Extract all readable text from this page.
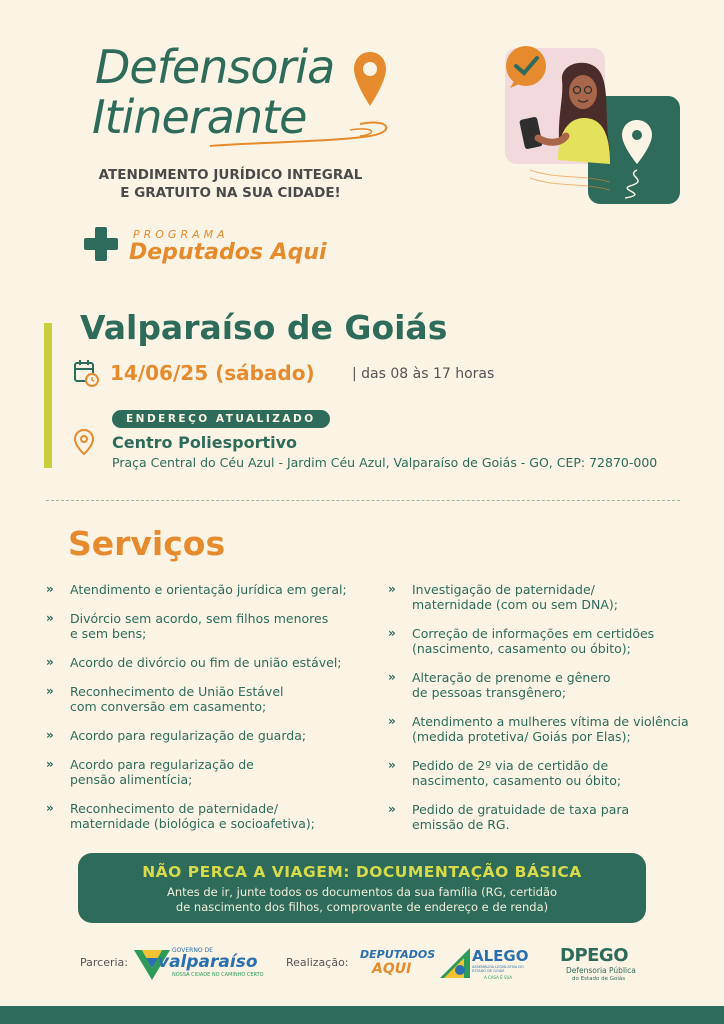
Defensoria
Itinerante
ATENDIMENTO JURÍDICO INTEGRAL
E GRATUITO NA SUA CIDADE!
PROGRAMA
Deputados Aqui
Valparaíso de Goiás
14/06/25 (sábado)	| das 08 às 17 horas
ENDEREÇO ATUALIZADO
Centro Poliesportivo
Praça Central do Céu Azul - Jardim Céu Azul, Valparaíso de Goiás - GO, CEP: 72870-000
Serviços
» Atendimento e orientação jurídica em geral;
» Divórcio sem acordo, sem filhos menores
e sem bens;
» Acordo de divórcio ou fim de união estável;
» Reconhecimento de União Estável
com conversão em casamento;
» Acordo para regularização de guarda;
» Acordo para regularização de
pensão alimentícia;
» Reconhecimento de paternidade/
maternidade (biológica e socioafetiva);
» Investigação de paternidade/
maternidade (com ou sem DNA);
» Correção de informações em certidões
(nascimento, casamento ou óbito);
» Alteração de prenome e gênero
de pessoas transgênero;
» Atendimento a mulheres vítima de violência
(medida protetiva/ Goiás por Elas);
» Pedido de 2º via de certidão de
nascimento, casamento ou óbito;
» Pedido de gratuidade de taxa para
emissão de RG.
NÃO PERCA A VIAGEM: DOCUMENTAÇÃO BÁSICA
Antes de ir, junte todos os documentos da sua família (RG, certidão
de nascimento dos filhos, comprovante de endereço e de renda)
Parceria:
GOVERNO DE
valparaíso
NOSSA CIDADE NO CAMINHO CERTO
Realização:
DEPUTADOS
AQUI
ALEGO
ASSEMBLEIA LEGISLATIVA DO ESTADO DE GOIÁS
A CASA É SUA
DPEGO
Defensoria Pública
do Estado de Goiás
